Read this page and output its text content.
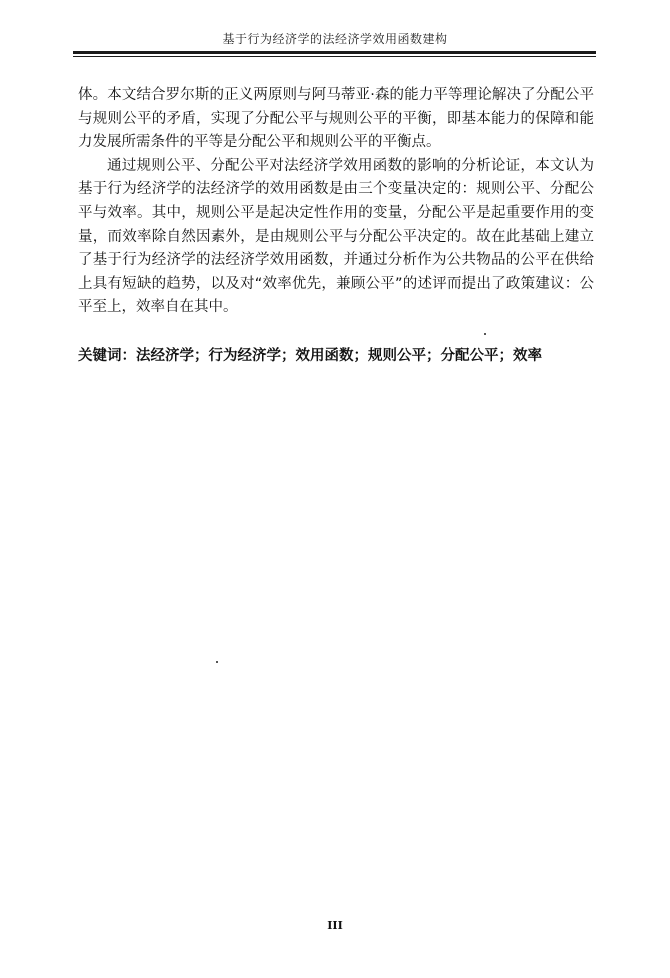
基于行为经济学的法经济学效用函数建构

体。本文结合罗尔斯的正义两原则与阿马蒂亚·森的能力平等理论解决了分配公平与规则公平的矛盾，实现了分配公平与规则公平的平衡，即基本能力的保障和能力发展所需条件的平等是分配公平和规则公平的平衡点。

通过规则公平、分配公平对法经济学效用函数的影响的分析论证，本文认为基于行为经济学的法经济学的效用函数是由三个变量决定的：规则公平、分配公平与效率。其中，规则公平是起决定性作用的变量，分配公平是起重要作用的变量，而效率除自然因素外，是由规则公平与分配公平决定的。故在此基础上建立了基于行为经济学的法经济学效用函数，并通过分析作为公共物品的公平在供给上具有短缺的趋势，以及对“效率优先，兼顾公平”的述评而提出了政策建议：公平至上，效率自在其中。

关键词：法经济学；行为经济学；效用函数；规则公平；分配公平；效率
III
